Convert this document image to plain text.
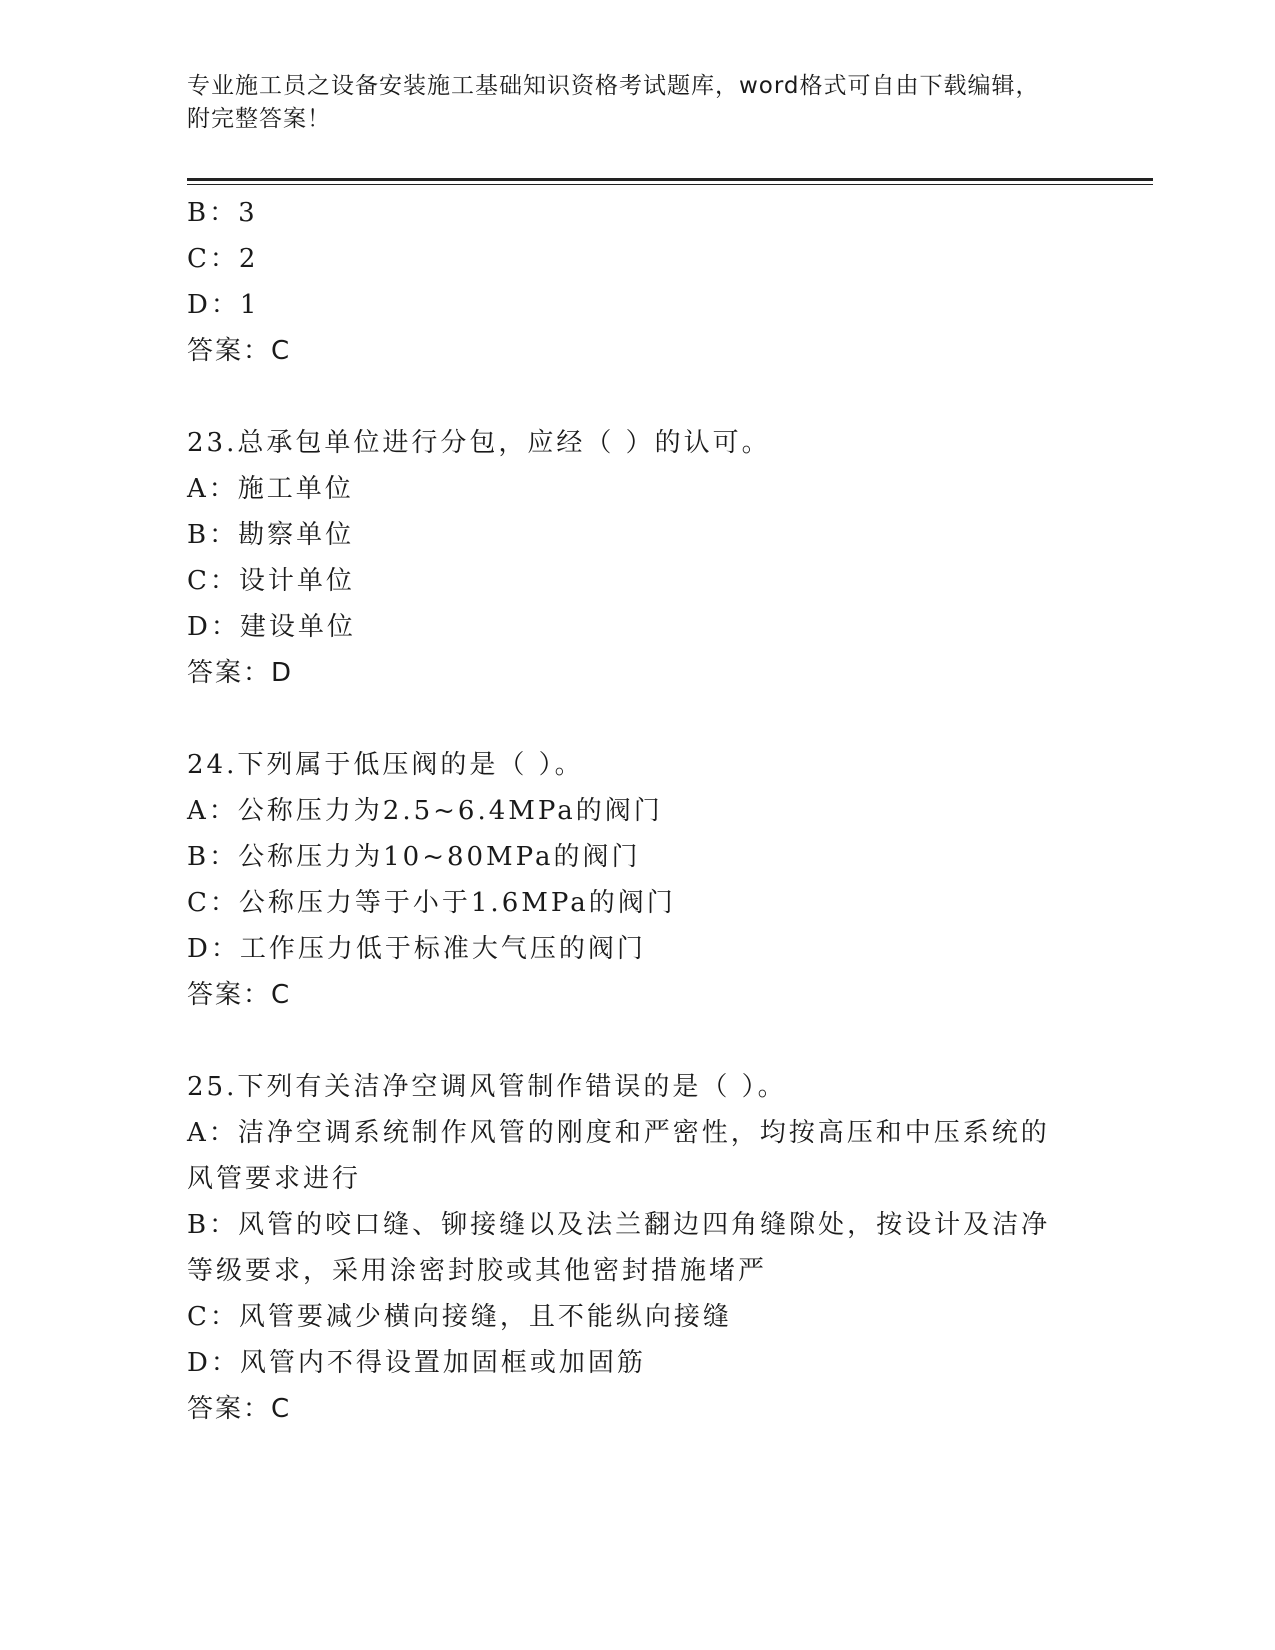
专业施工员之设备安装施工基础知识资格考试题库，word格式可自由下载编辑，
附完整答案！
B：3
C：2
D：1
答案：C
23.总承包单位进行分包，应经（ ）的认可。
A：施工单位
B：勘察单位
C：设计单位
D：建设单位
答案：D
24.下列属于低压阀的是（ ）。
A：公称压力为2.5~6.4MPa的阀门
B：公称压力为10~80MPa的阀门
C：公称压力等于小于1.6MPa的阀门
D：工作压力低于标准大气压的阀门
答案：C
25.下列有关洁净空调风管制作错误的是（ ）。
A：洁净空调系统制作风管的刚度和严密性，均按高压和中压系统的风管要求进行
B：风管的咬口缝、铆接缝以及法兰翻边四角缝隙处，按设计及洁净等级要求，采用涂密封胶或其他密封措施堵严
C：风管要减少横向接缝，且不能纵向接缝
D：风管内不得设置加固框或加固筋
答案：C
